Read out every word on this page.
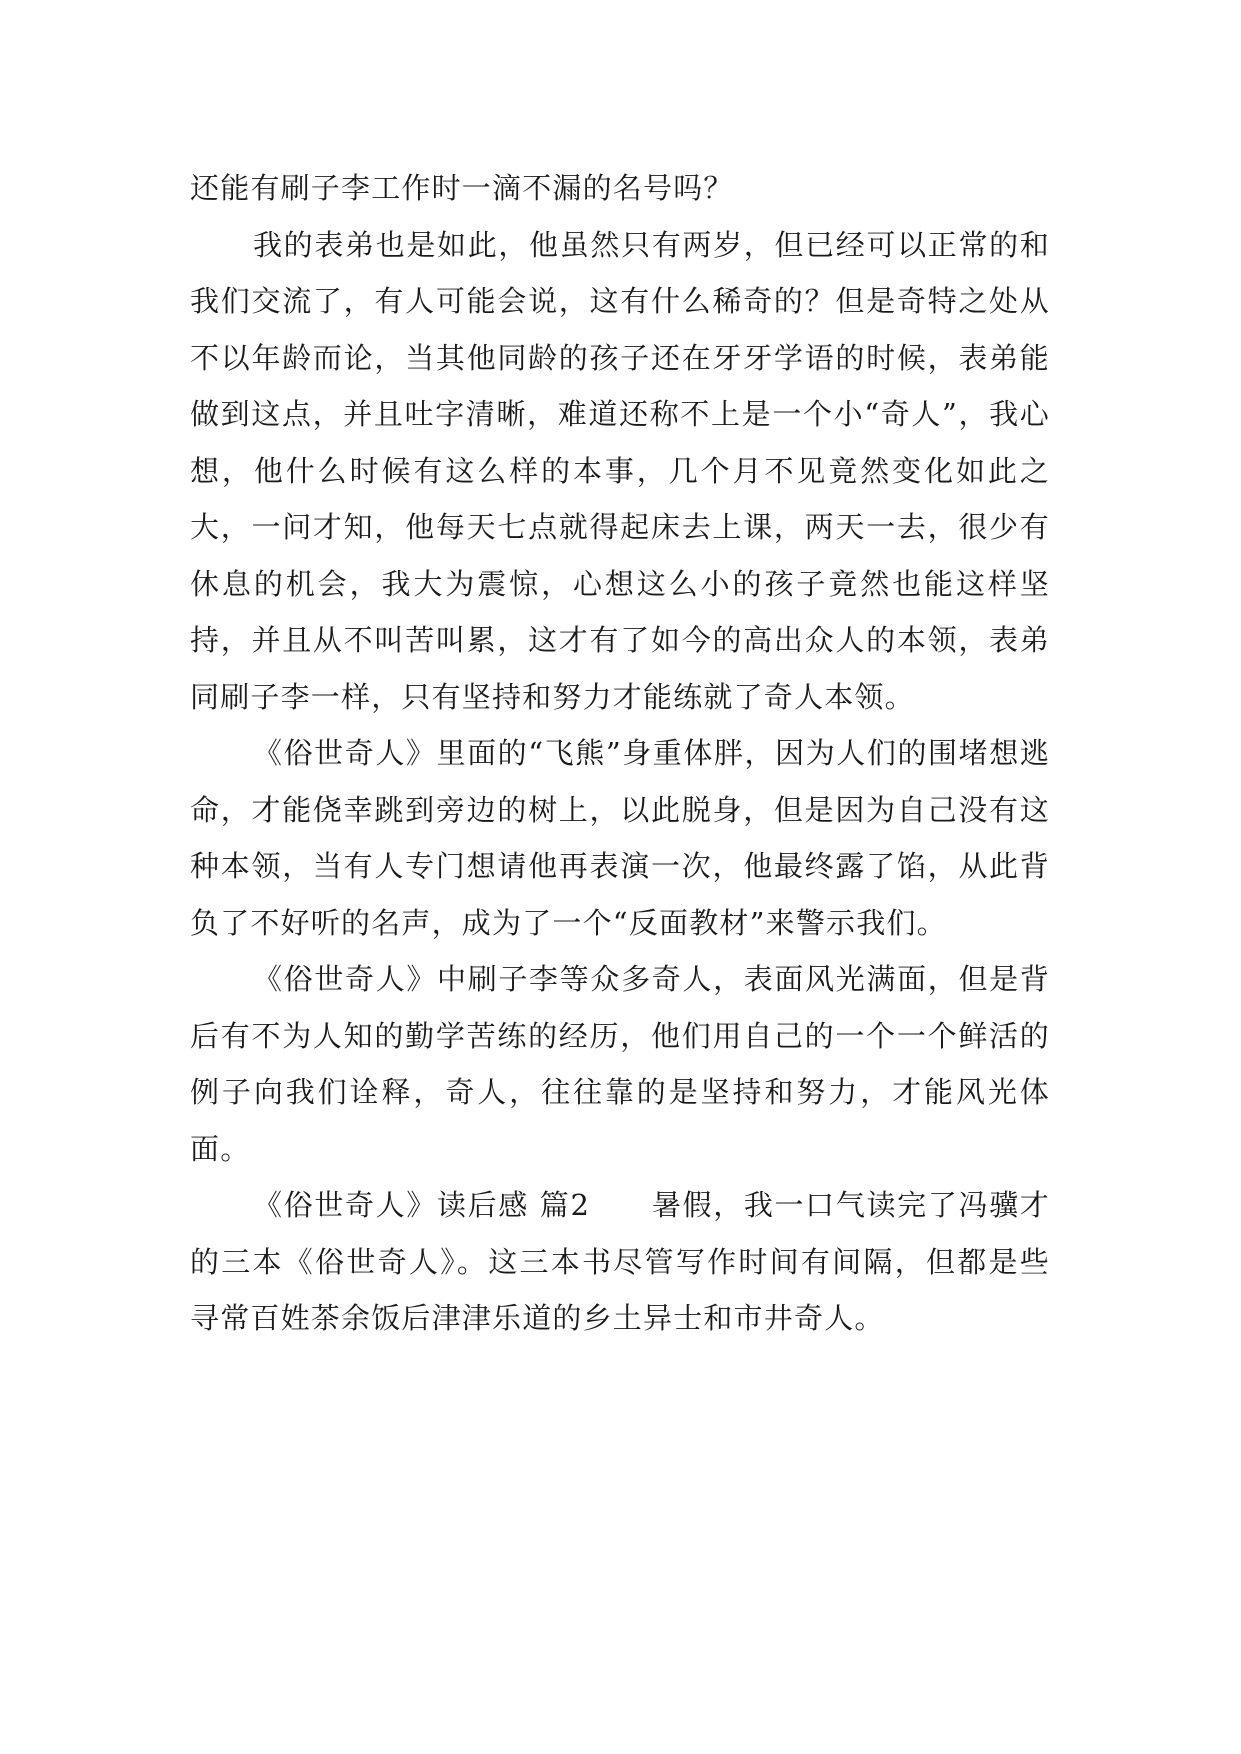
还能有刷子李工作时一滴不漏的名号吗？

我的表弟也是如此，他虽然只有两岁，但已经可以正常的和我们交流了，有人可能会说，这有什么稀奇的？但是奇特之处从不以年龄而论，当其他同龄的孩子还在牙牙学语的时候，表弟能做到这点，并且吐字清晰，难道还称不上是一个小“奇人”，我心想，他什么时候有这么样的本事，几个月不见竟然变化如此之大，一问才知，他每天七点就得起床去上课，两天一去，很少有休息的机会，我大为震惊，心想这么小的孩子竟然也能这样坚持，并且从不叫苦叫累，这才有了如今的高出众人的本领，表弟同刷子李一样，只有坚持和努力才能练就了奇人本领。

《俗世奇人》里面的“飞熊”身重体胖，因为人们的围堵想逃命，才能侥幸跳到旁边的树上，以此脱身，但是因为自己没有这种本领，当有人专门想请他再表演一次，他最终露了馅，从此背负了不好听的名声，成为了一个“反面教材”来警示我们。

《俗世奇人》中刷子李等众多奇人，表面风光满面，但是背后有不为人知的勤学苦练的经历，他们用自己的一个一个鲜活的例子向我们诠释，奇人，往往靠的是坚持和努力，才能风光体面。

《俗世奇人》读后感 篇2　　暑假，我一口气读完了冯骥才的三本《俗世奇人》。这三本书尽管写作时间有间隔，但都是些寻常百姓茶余饭后津津乐道的乡土异士和市井奇人。
